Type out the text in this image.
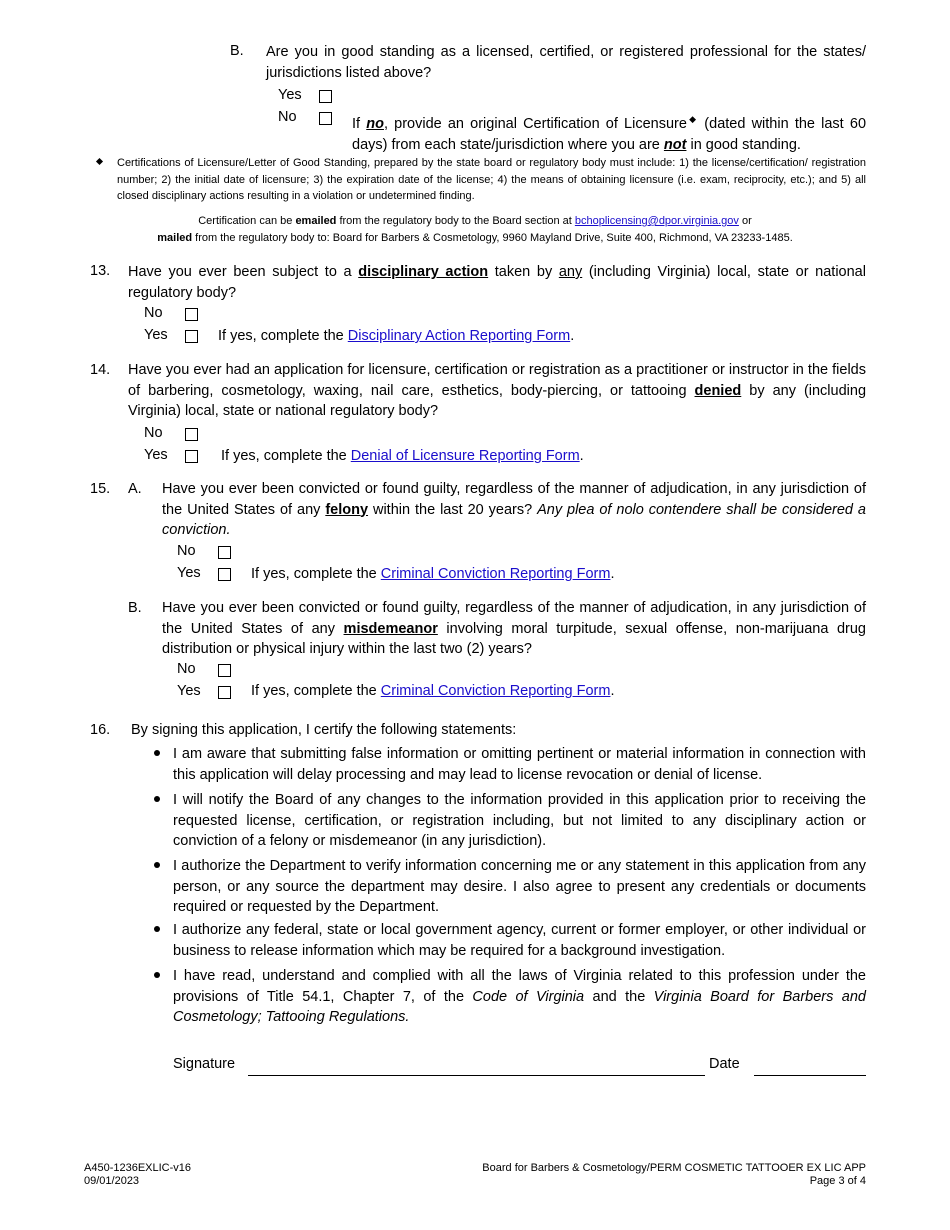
B. Are you in good standing as a licensed, certified, or registered professional for the states/ jurisdictions listed above?
Yes
No	If no, provide an original Certification of Licensure◆ (dated within the last 60 days) from each state/jurisdiction where you are not in good standing.
Certifications of Licensure/Letter of Good Standing, prepared by the state board or regulatory body must include: 1) the license/certification/ registration number; 2) the initial date of licensure; 3) the expiration date of the license; 4) the means of obtaining licensure (i.e. exam, reciprocity, etc.); and 5) all closed disciplinary actions resulting in a violation or undetermined finding.
Certification can be emailed from the regulatory body to the Board section at bchoplicensing@dpor.virginia.gov or
mailed from the regulatory body to: Board for Barbers & Cosmetology, 9960 Mayland Drive, Suite 400, Richmond, VA 23233-1485.
13. Have you ever been subject to a disciplinary action taken by any (including Virginia) local, state or national regulatory body?
No
Yes	If yes, complete the Disciplinary Action Reporting Form.
14. Have you ever had an application for licensure, certification or registration as a practitioner or instructor in the fields of barbering, cosmetology, waxing, nail care, esthetics, body-piercing, or tattooing denied by any (including Virginia) local, state or national regulatory body?
No
Yes	If yes, complete the Denial of Licensure Reporting Form.
15. A. Have you ever been convicted or found guilty, regardless of the manner of adjudication, in any jurisdiction of the United States of any felony within the last 20 years? Any plea of nolo contendere shall be considered a conviction.
No
Yes	If yes, complete the Criminal Conviction Reporting Form.
B. Have you ever been convicted or found guilty, regardless of the manner of adjudication, in any jurisdiction of the United States of any misdemeanor involving moral turpitude, sexual offense, non-marijuana drug distribution or physical injury within the last two (2) years?
No
Yes	If yes, complete the Criminal Conviction Reporting Form.
16. By signing this application, I certify the following statements:
I am aware that submitting false information or omitting pertinent or material information in connection with this application will delay processing and may lead to license revocation or denial of license.
I will notify the Board of any changes to the information provided in this application prior to receiving the requested license, certification, or registration including, but not limited to any disciplinary action or conviction of a felony or misdemeanor (in any jurisdiction).
I authorize the Department to verify information concerning me or any statement in this application from any person, or any source the department may desire. I also agree to present any credentials or documents required or requested by the Department.
I authorize any federal, state or local government agency, current or former employer, or other individual or business to release information which may be required for a background investigation.
I have read, understand and complied with all the laws of Virginia related to this profession under the provisions of Title 54.1, Chapter 7, of the Code of Virginia and the Virginia Board for Barbers and Cosmetology; Tattooing Regulations.
Signature	Date
A450-1236EXLIC-v16
09/01/2023
Board for Barbers & Cosmetology/PERM COSMETIC TATTOOER EX LIC APP
Page 3 of 4
